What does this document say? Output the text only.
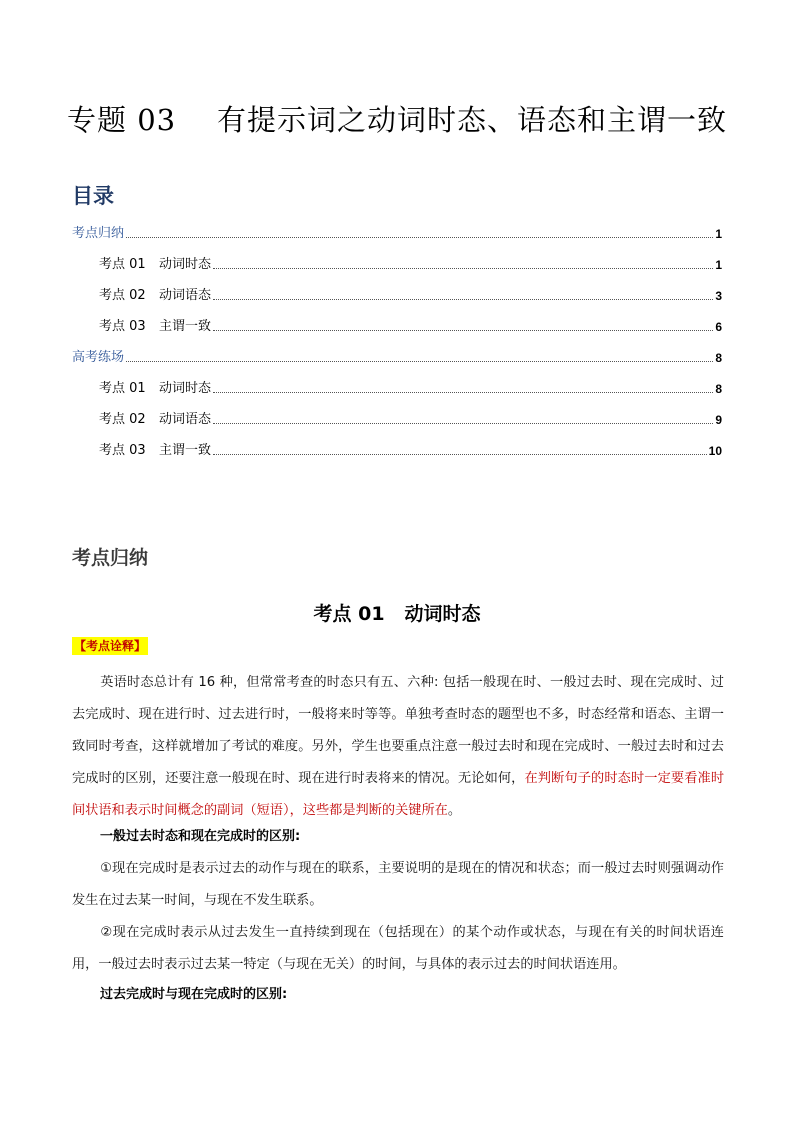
专题 03    有提示词之动词时态、语态和主谓一致
目录
考点归纳	1
考点 01 动词时态	1
考点 02 动词语态	3
考点 03 主谓一致	6
高考练场	8
考点 01 动词时态	8
考点 02 动词语态	9
考点 03 主谓一致	10
考点归纳
考点 01   动词时态
【考点诠释】
英语时态总计有 16 种，但常常考查的时态只有五、六种: 包括一般现在时、一般过去时、现在完成时、过去完成时、现在进行时、过去进行时，一般将来时等等。单独考查时态的题型也不多，时态经常和语态、主谓一致同时考查，这样就增加了考试的难度。另外，学生也要重点注意一般过去时和现在完成时、一般过去时和过去完成时的区别，还要注意一般现在时、现在进行时表将来的情况。无论如何，在判断句子的时态时一定要看准时间状语和表示时间概念的副词（短语），这些都是判断的关键所在。
一般过去时态和现在完成时的区别:
①现在完成时是表示过去的动作与现在的联系，主要说明的是现在的情况和状态；而一般过去时则强调动作发生在过去某一时间，与现在不发生联系。
②现在完成时表示从过去发生一直持续到现在（包括现在）的某个动作或状态，与现在有关的时间状语连用，一般过去时表示过去某一特定（与现在无关）的时间，与具体的表示过去的时间状语连用。
过去完成时与现在完成时的区别:
